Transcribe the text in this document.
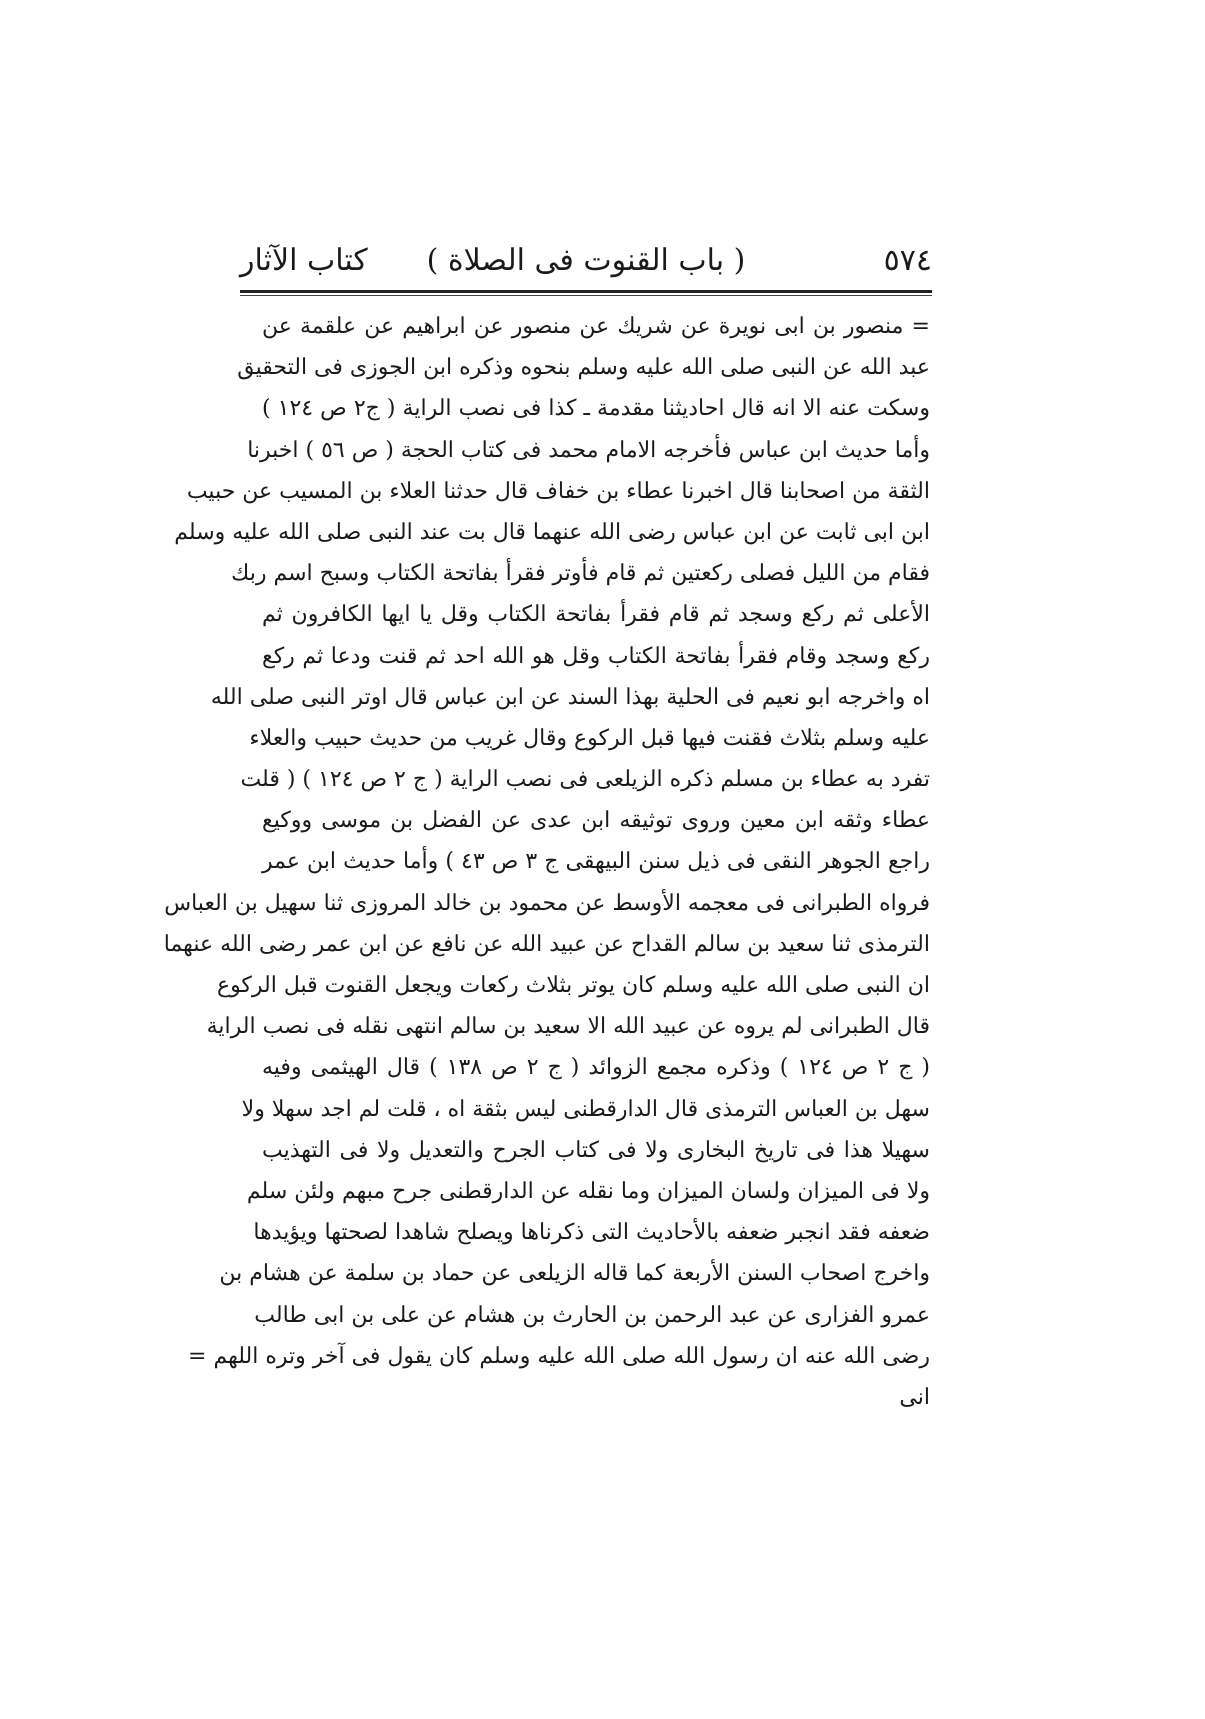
٥٧٤
( باب القنوت فى الصلاة )
كتاب الآثار
= منصور بن ابى نويرة عن شريك عن منصور عن ابراهيم عن علقمة عن
عبد الله عن النبى صلى الله عليه وسلم بنحوه وذكره ابن الجوزى فى التحقيق
وسكت عنه الا انه قال احاديثنا مقدمة ـ كذا فى نصب الراية ( ج٢ ص ١٢٤ )
وأما حديث ابن عباس فأخرجه الامام محمد فى كتاب الحجة ( ص ٥٦ ) اخبرنا
الثقة من اصحابنا قال اخبرنا عطاء بن خفاف قال حدثنا العلاء بن المسيب عن حبيب
ابن ابى ثابت عن ابن عباس رضى الله عنهما قال بت عند النبى صلى الله عليه وسلم
فقام من الليل فصلى ركعتين ثم قام فأوتر فقرأ بفاتحة الكتاب وسبح اسم ربك
الأعلى ثم ركع وسجد ثم قام فقرأ بفاتحة الكتاب وقل يا ايها الكافرون ثم
ركع وسجد وقام فقرأ بفاتحة الكتاب وقل هو الله احد ثم قنت ودعا ثم ركع
اه واخرجه ابو نعيم فى الحلية بهذا السند عن ابن عباس قال اوتر النبى صلى الله
عليه وسلم بثلاث فقنت فيها قبل الركوع وقال غريب من حديث حبيب والعلاء
تفرد به عطاء بن مسلم ذكره الزيلعى فى نصب الراية ( ج ٢ ص ١٢٤ ) ( قلت
عطاء وثقه ابن معين وروى توثيقه ابن عدى عن الفضل بن موسى ووكيع
راجع الجوهر النقى فى ذيل سنن البيهقى ج ٣ ص ٤٣ ) وأما حديث ابن عمر
فرواه الطبرانى فى معجمه الأوسط عن محمود بن خالد المروزى ثنا سهيل بن العباس
الترمذى ثنا سعيد بن سالم القداح عن عبيد الله عن نافع عن ابن عمر رضى الله عنهما
ان النبى صلى الله عليه وسلم كان يوتر بثلاث ركعات ويجعل القنوت قبل الركوع
قال الطبرانى لم يروه عن عبيد الله الا سعيد بن سالم انتهى نقله فى نصب الراية
( ج ٢ ص ١٢٤ ) وذكره مجمع الزوائد ( ج ٢ ص ١٣٨ ) قال الهيثمى وفيه
سهل بن العباس الترمذى قال الدارقطنى ليس بثقة اه ، قلت لم اجد سهلا ولا
سهيلا هذا فى تاريخ البخارى ولا فى كتاب الجرح والتعديل ولا فى التهذيب
ولا فى الميزان ولسان الميزان وما نقله عن الدارقطنى جرح مبهم ولئن سلم
ضعفه فقد انجبر ضعفه بالأحاديث التى ذكرناها ويصلح شاهدا لصحتها ويؤيدها
واخرج اصحاب السنن الأربعة كما قاله الزيلعى عن حماد بن سلمة عن هشام بن
عمرو الفزارى عن عبد الرحمن بن الحارث بن هشام عن على بن ابى طالب
رضى الله عنه ان رسول الله صلى الله عليه وسلم كان يقول فى آخر وتره اللهم =
انى
